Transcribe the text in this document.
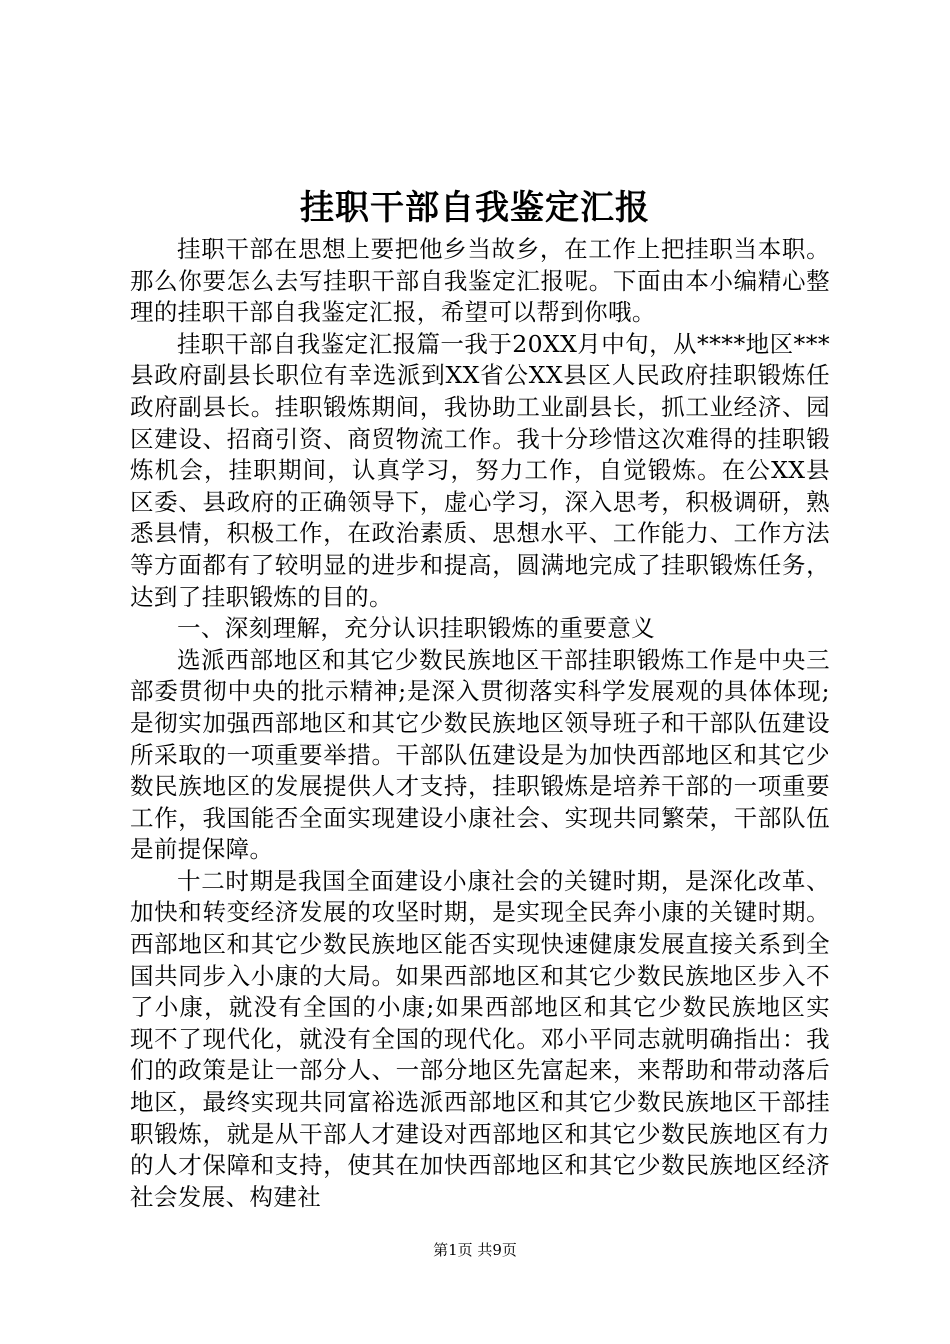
挂职干部自我鉴定汇报

挂职干部在思想上要把他乡当故乡，在工作上把挂职当本职。那么你要怎么去写挂职干部自我鉴定汇报呢。下面由本小编精心整理的挂职干部自我鉴定汇报，希望可以帮到你哦。

挂职干部自我鉴定汇报篇一我于20XX月中旬，从****地区***县政府副县长职位有幸选派到XX省公XX县区人民政府挂职锻炼任政府副县长。挂职锻炼期间，我协助工业副县长，抓工业经济、园区建设、招商引资、商贸物流工作。我十分珍惜这次难得的挂职锻炼机会，挂职期间，认真学习，努力工作，自觉锻炼。在公XX县区委、县政府的正确领导下，虚心学习，深入思考，积极调研，熟悉县情，积极工作，在政治素质、思想水平、工作能力、工作方法等方面都有了较明显的进步和提高，圆满地完成了挂职锻炼任务，达到了挂职锻炼的目的。

一、深刻理解，充分认识挂职锻炼的重要意义

选派西部地区和其它少数民族地区干部挂职锻炼工作是中央三部委贯彻中央的批示精神;是深入贯彻落实科学发展观的具体体现;是彻实加强西部地区和其它少数民族地区领导班子和干部队伍建设所采取的一项重要举措。干部队伍建设是为加快西部地区和其它少数民族地区的发展提供人才支持，挂职锻炼是培养干部的一项重要工作，我国能否全面实现建设小康社会、实现共同繁荣，干部队伍是前提保障。

十二时期是我国全面建设小康社会的关键时期，是深化改革、加快和转变经济发展的攻坚时期，是实现全民奔小康的关键时期。西部地区和其它少数民族地区能否实现快速健康发展直接关系到全国共同步入小康的大局。如果西部地区和其它少数民族地区步入不了小康，就没有全国的小康;如果西部地区和其它少数民族地区实现不了现代化，就没有全国的现代化。邓小平同志就明确指出：我们的政策是让一部分人、一部分地区先富起来，来帮助和带动落后地区，最终实现共同富裕选派西部地区和其它少数民族地区干部挂职锻炼，就是从干部人才建设对西部地区和其它少数民族地区有力的人才保障和支持，使其在加快西部地区和其它少数民族地区经济社会发展、构建社

第1页 共9页
